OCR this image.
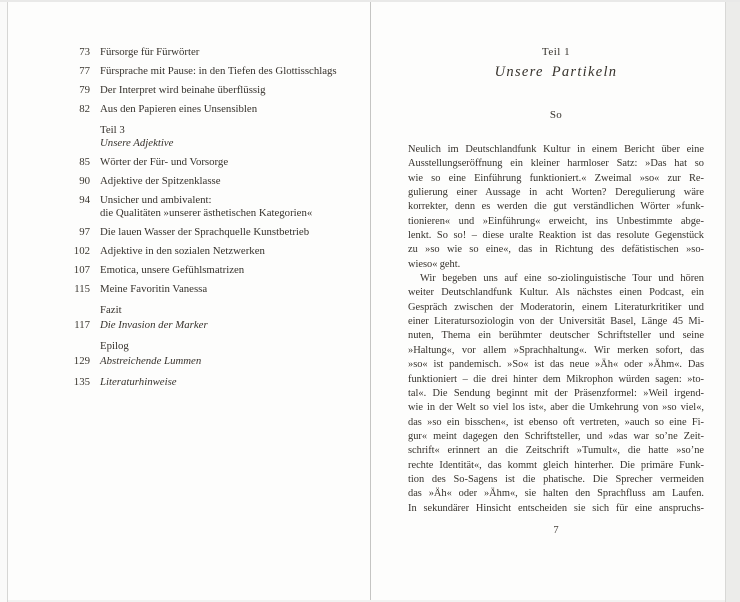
73 Fürsorge für Fürwörter
77 Fürsprache mit Pause: in den Tiefen des Glottisschlags
79 Der Interpret wird beinahe überflüssig
82 Aus den Papieren eines Unsensiblen
Teil 3
Unsere Adjektive
85 Wörter der Für- und Vorsorge
90 Adjektive der Spitzenklasse
94 Unsicher und ambivalent:
die Qualitäten »unserer ästhetischen Kategorien«
97 Die lauen Wasser der Sprachquelle Kunstbetrieb
102 Adjektive in den sozialen Netzwerken
107 Emotica, unsere Gefühlsmatrizen
115 Meine Favoritin Vanessa
Fazit
117 Die Invasion der Marker
Epilog
129 Abstreichende Lummen
135 Literaturhinweise
Teil 1
Unsere Partikeln
So
Neulich im Deutschlandfunk Kultur in einem Bericht über eine
Ausstellungseröffnung ein kleiner harmloser Satz: »Das hat so
wie so eine Einführung funktioniert.« Zweimal »so« zur Re-
gulierung einer Aussage in acht Worten? Deregulierung wäre
korrekter, denn es werden die gut verständlichen Wörter »funk-
tionieren« und »Einführung« erweicht, ins Unbestimmte abge-
lenkt. So so! – diese uralte Reaktion ist das resolute Gegenstück
zu »so wie so eine«, das in Richtung des defätistischen »so-
wieso« geht.
Wir begeben uns auf eine so-ziolinguistische Tour und hören
weiter Deutschlandfunk Kultur. Als nächstes einen Podcast, ein
Gespräch zwischen der Moderatorin, einem Literaturkritiker und
einer Literatursoziologin von der Universität Basel, Länge 45 Mi-
nuten, Thema ein berühmter deutscher Schriftsteller und seine
»Haltung«, vor allem »Sprachhaltung«. Wir merken sofort, das
»so« ist pandemisch. »So« ist das neue »Äh« oder »Ähm«. Das
funktioniert – die drei hinter dem Mikrophon würden sagen: »to-
tal«. Die Sendung beginnt mit der Präsenzformel: »Weil irgend-
wie in der Welt so viel los ist«, aber die Umkehrung von »so viel«,
das »so ein bisschen«, ist ebenso oft vertreten, »auch so eine Fi-
gur« meint dagegen den Schriftsteller, und »das war so’ne Zeit-
schrift« erinnert an die Zeitschrift »Tumult«, die hatte »so’ne
rechte Identität«, das kommt gleich hinterher. Die primäre Funk-
tion des So-Sagens ist die phatische. Die Sprecher vermeiden
das »Äh« oder »Ähm«, sie halten den Sprachfluss am Laufen.
In sekundärer Hinsicht entscheiden sie sich für eine anspruchs-
7
